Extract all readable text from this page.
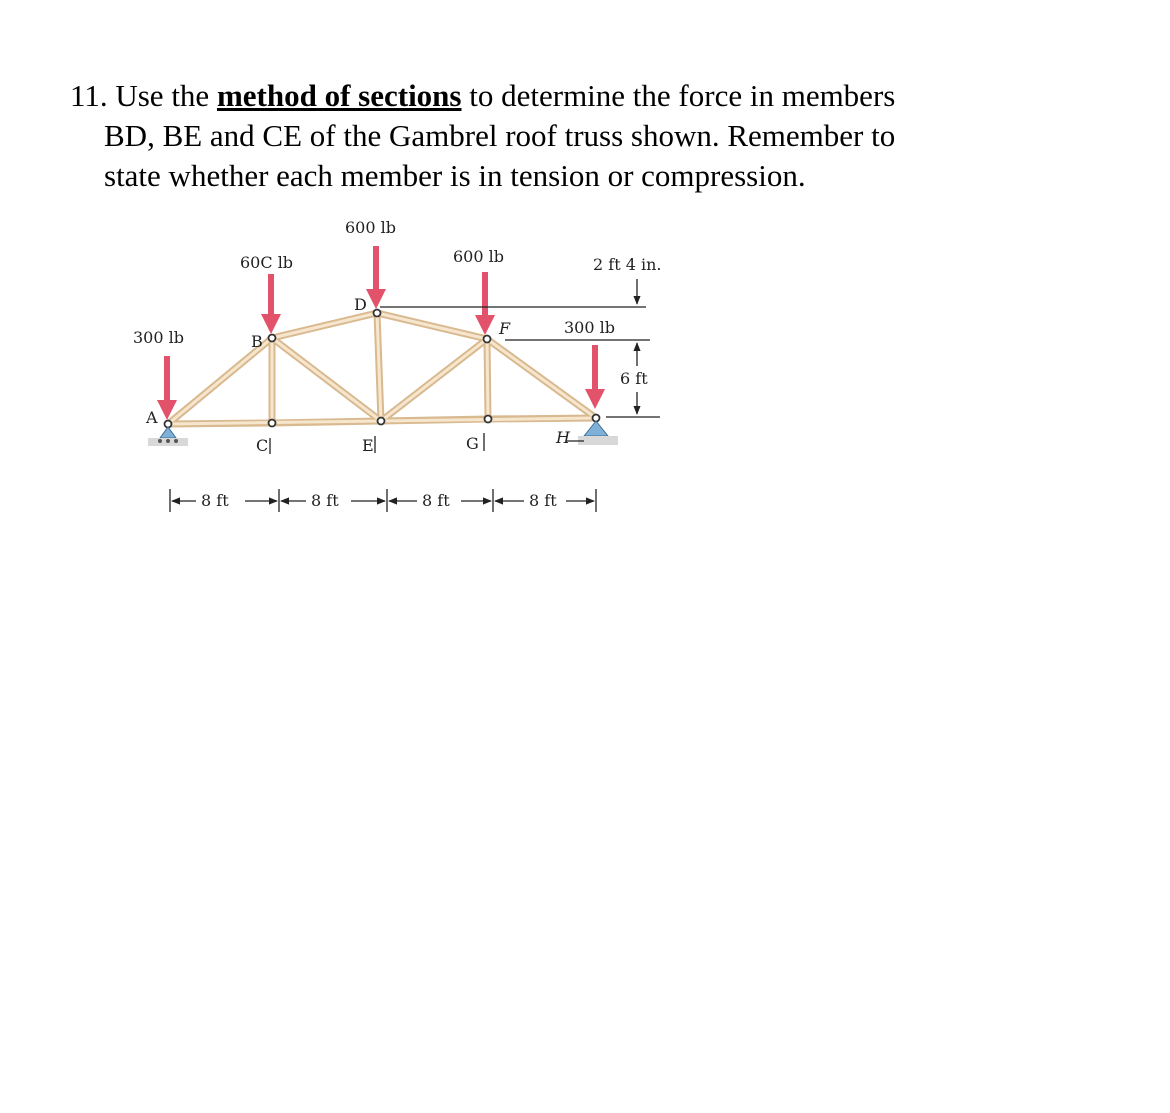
11. Use the method of sections to determine the force in members
BD, BE and CE of the Gambrel roof truss shown. Remember to
state whether each member is in tension or compression.
300 lb
60C lb
600 lb
600 lb
300 lb
A
B
C
D
E
F
G	H
2 ft 4 in.
6 ft
8 ft	8 ft	8 ft	8 ft
